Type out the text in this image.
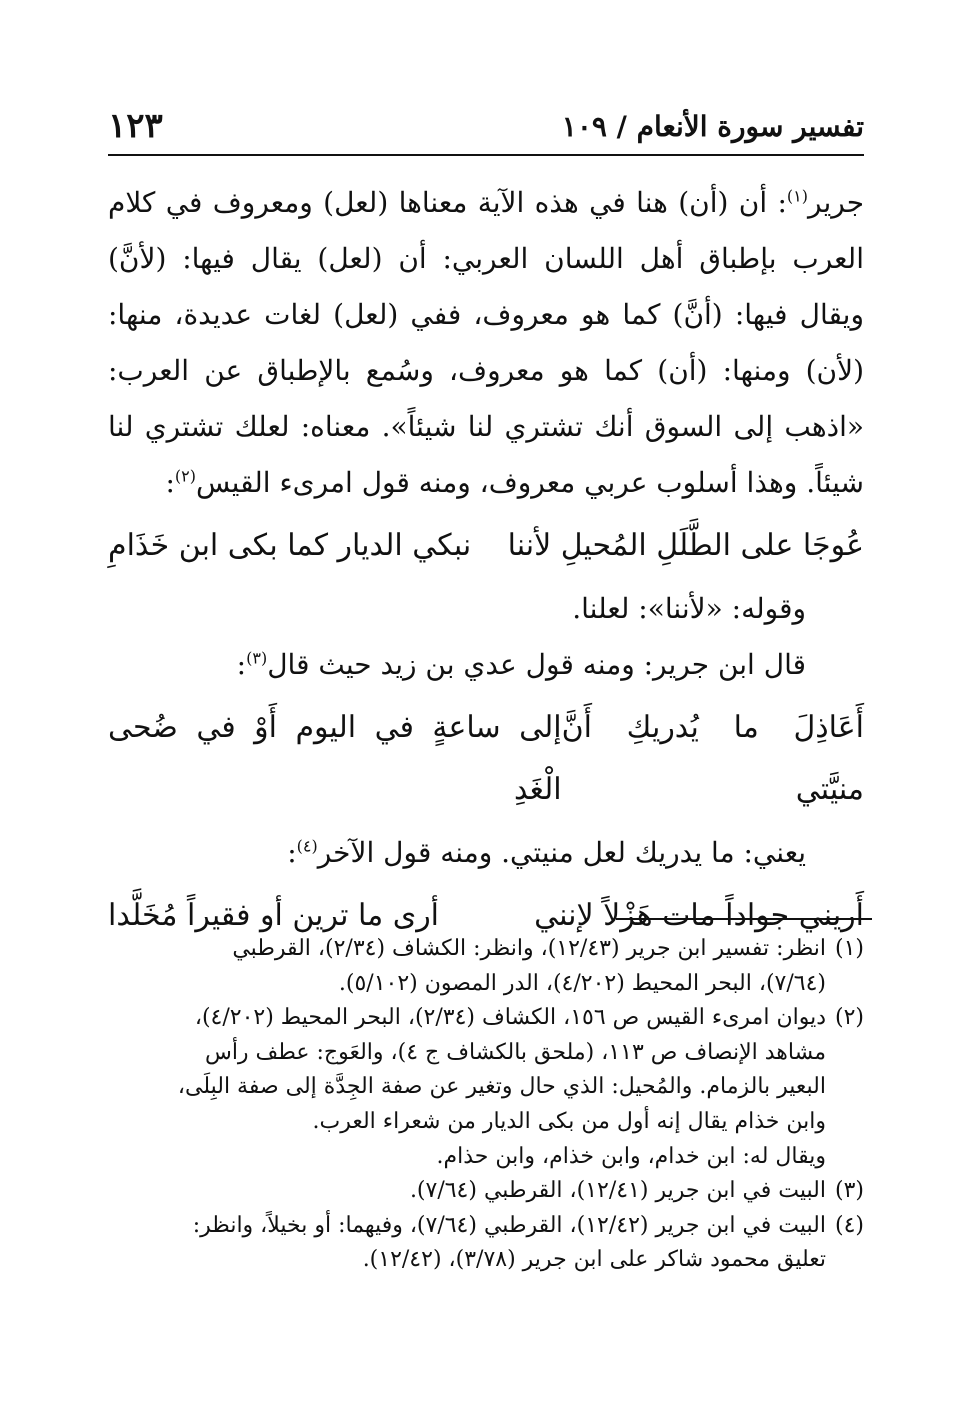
تفسير سورة الأنعام / ١٠٩
١٢٣

جرير$^{(١)}$: أن (أن) هنا في هذه الآية معناها (لعل) ومعروف في كلام العرب بإطباق أهل اللسان العربي: أن (لعل) يقال فيها: (لأنَّ) ويقال فيها: (أنَّ) كما هو معروف، ففي (لعل) لغات عديدة، منها: (لأن) ومنها: (أن) كما هو معروف، وسُمع بالإطباق عن العرب: «اذهب إلى السوق أنك تشتري لنا شيئاً». معناه: لعلك تشتري لنا شيئاً. وهذا أسلوب عربي معروف، ومنه قول امرىء القيس$^{(٢)}$:

عُوجَا على الطَّلَلِ المُحيلِ لأننا
نبكي الديار كما بكى ابن خَذَامِ

وقوله: «لأننا»: لعلنا.

قال ابن جرير: ومنه قول عدي بن زيد حيث قال$^{(٣)}$:

أَعَاذِلَ ما يُدريكِ أَنَّ منيَّتي
إلى ساعةٍ في اليوم أَوْ في ضُحى الْغَدِ

يعني: ما يدريك لعل منيتي. ومنه قول الآخر$^{(٤)}$:

أَريني جواداً مات هَزْلاً لإنني
أرى ما ترين أو فقيراً مُخَلَّدا
(١)
انظر: تفسير ابن جرير (١٢/٤٣)، وانظر: الكشاف (٢/٣٤)، القرطبي
(٧/٦٤)، البحر المحيط (٤/٢٠٢)، الدر المصون (٥/١٠٢).
(٢)
ديوان امرىء القيس ص ١٥٦، الكشاف (٢/٣٤)، البحر المحيط (٤/٢٠٢)،
مشاهد الإنصاف ص ١١٣، (ملحق بالكشاف ج ٤)، والعَوج: عطف رأس
البعير بالزمام. والمُحيل: الذي حال وتغير عن صفة الجِدَّة إلى صفة البِلَى،
وابن خذام يقال إنه أول من بكى الديار من شعراء العرب.
ويقال له: ابن خدام، وابن خذام، وابن حذام.
(٣)
البيت في ابن جرير (١٢/٤١)، القرطبي (٧/٦٤).
(٤)
البيت في ابن جرير (١٢/٤٢)، القرطبي (٧/٦٤)، وفيهما: أو بخيلاً، وانظر:
تعليق محمود شاكر على ابن جرير (٣/٧٨)، (١٢/٤٢).
